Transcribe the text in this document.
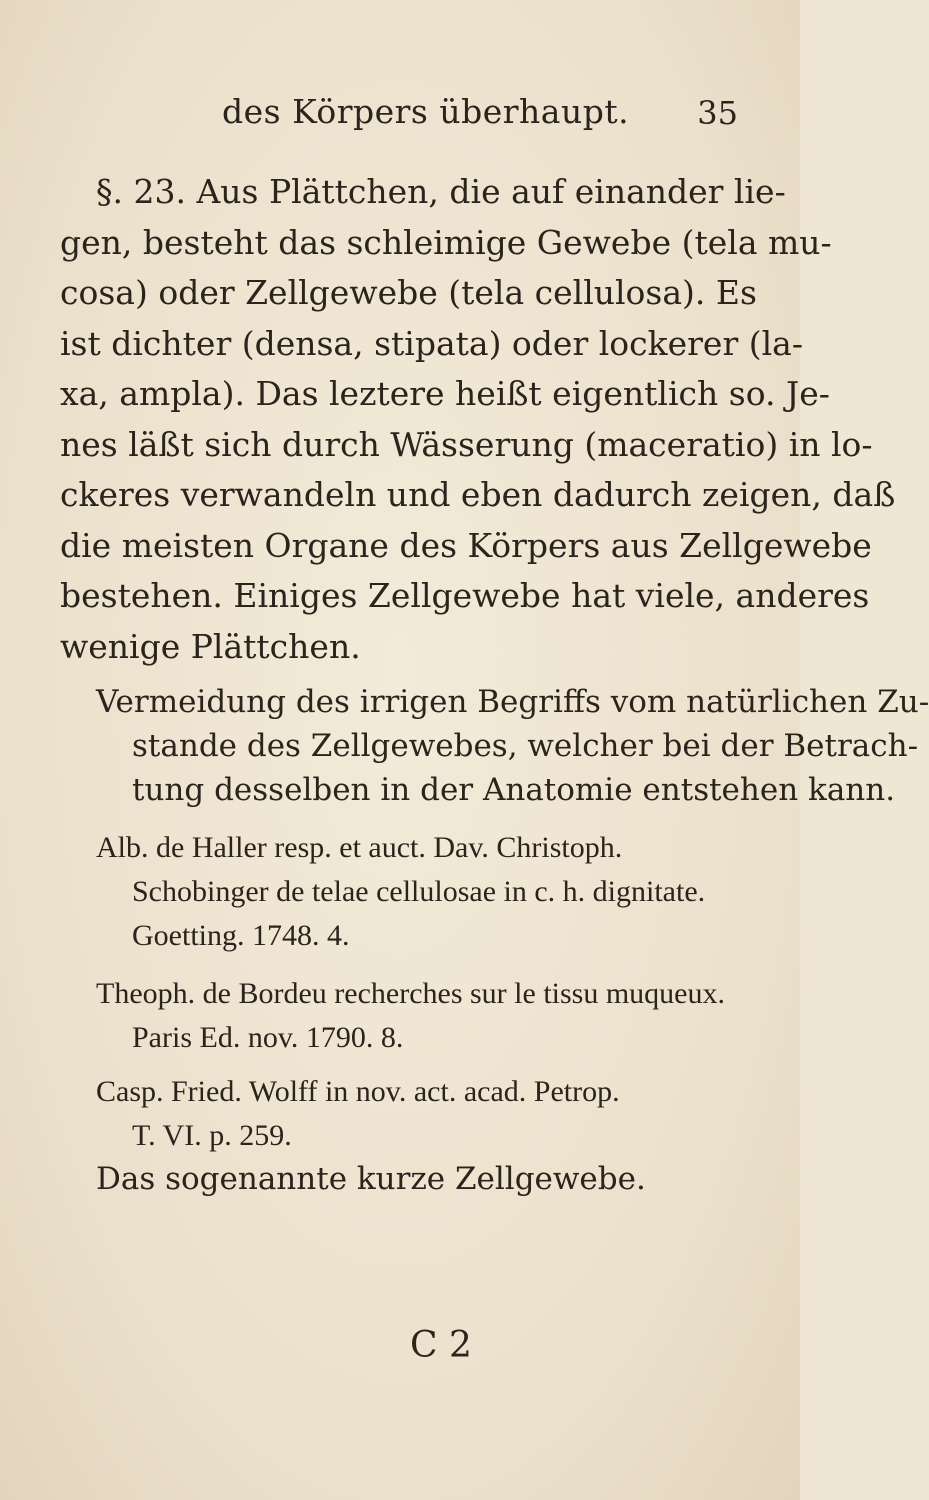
des Körpers überhaupt. 35
§. 23. Aus Plättchen, die auf einander lie-
gen, besteht das schleimige Gewebe (tela mu-
cosa) oder Zellgewebe (tela cellulosa). Es
ist dichter (densa, stipata) oder lockerer (la-
xa, ampla). Das leztere heißt eigentlich so. Je-
nes läßt sich durch Wässerung (maceratio) in lo-
ckeres verwandeln und eben dadurch zeigen, daß
die meisten Organe des Körpers aus Zellgewebe
bestehen. Einiges Zellgewebe hat viele, anderes
wenige Plättchen.
Vermeidung des irrigen Begriffs vom natürlichen Zu-
stande des Zellgewebes, welcher bei der Betrach-
tung desselben in der Anatomie entstehen kann.
Alb. de Haller resp. et auct. Dav. Christoph.
Schobinger de telae cellulosae in c. h. dignitate.
Goetting. 1748. 4.
Theoph. de Bordeu recherches sur le tissu muqueux.
Paris Ed. nov. 1790. 8.
Casp. Fried. Wolff in nov. act. acad. Petrop.
T. VI. p. 259.
Das sogenannte kurze Zellgewebe.
C 2
